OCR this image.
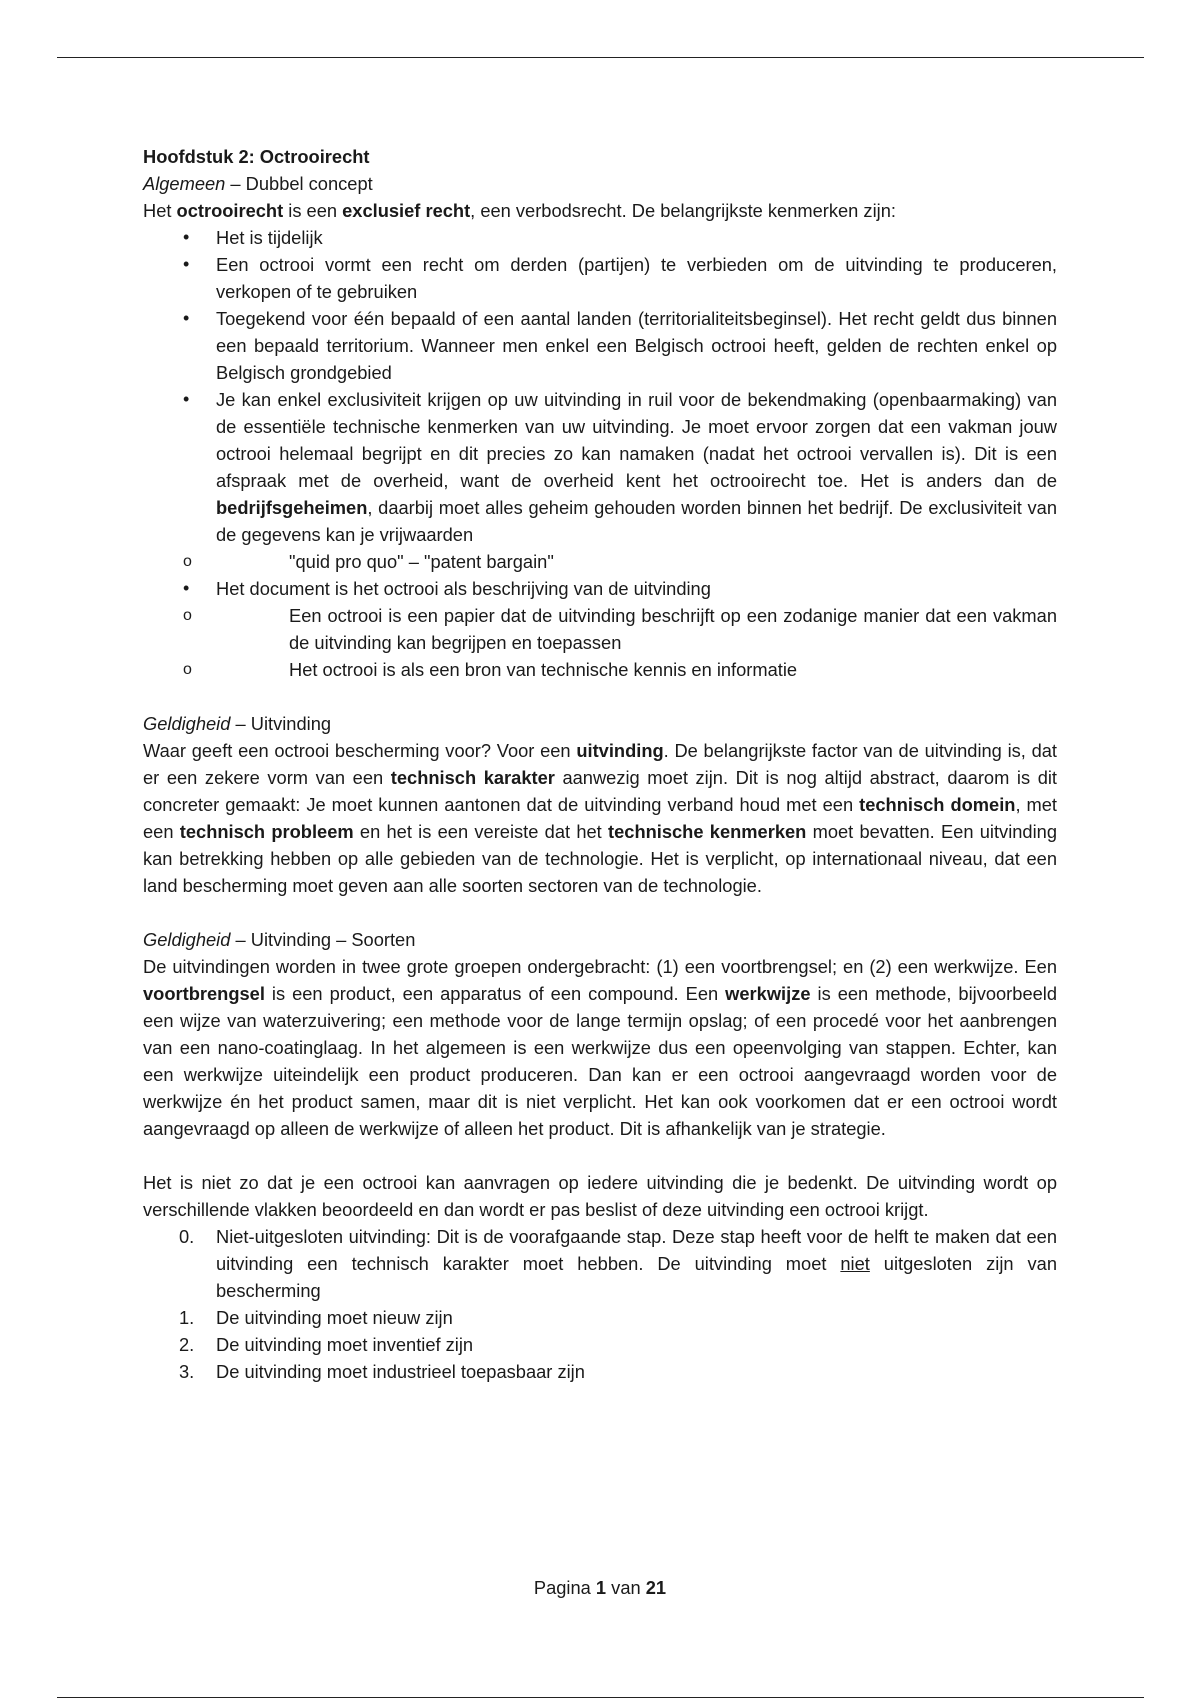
Hoofdstuk 2: Octrooirecht

Algemeen – Dubbel concept

Het octrooirecht is een exclusief recht, een verbodsrecht. De belangrijkste kenmerken zijn:

• Het is tijdelijk
• Een octrooi vormt een recht om derden (partijen) te verbieden om de uitvinding te produceren, verkopen of te gebruiken
• Toegekend voor één bepaald of een aantal landen (territorialiteitsbeginsel). Het recht geldt dus binnen een bepaald territorium. Wanneer men enkel een Belgisch octrooi heeft, gelden de rechten enkel op Belgisch grondgebied
• Je kan enkel exclusiviteit krijgen op uw uitvinding in ruil voor de bekendmaking (openbaarmaking) van de essentiële technische kenmerken van uw uitvinding. Je moet ervoor zorgen dat een vakman jouw octrooi helemaal begrijpt en dit precies zo kan namaken (nadat het octrooi vervallen is). Dit is een afspraak met de overheid, want de overheid kent het octrooirecht toe. Het is anders dan de bedrijfsgeheimen, daarbij moet alles geheim gehouden worden binnen het bedrijf. De exclusiviteit van de gegevens kan je vrijwaarden
o "quid pro quo" – "patent bargain"
• Het document is het octrooi als beschrijving van de uitvinding
o Een octrooi is een papier dat de uitvinding beschrijft op een zodanige manier dat een vakman de uitvinding kan begrijpen en toepassen
o Het octrooi is als een bron van technische kennis en informatie

Geldigheid – Uitvinding

Waar geeft een octrooi bescherming voor? Voor een uitvinding. De belangrijkste factor van de uitvinding is, dat er een zekere vorm van een technisch karakter aanwezig moet zijn. Dit is nog altijd abstract, daarom is dit concreter gemaakt: Je moet kunnen aantonen dat de uitvinding verband houd met een technisch domein, met een technisch probleem en het is een vereiste dat het technische kenmerken moet bevatten. Een uitvinding kan betrekking hebben op alle gebieden van de technologie. Het is verplicht, op internationaal niveau, dat een land bescherming moet geven aan alle soorten sectoren van de technologie.

Geldigheid – Uitvinding – Soorten

De uitvindingen worden in twee grote groepen ondergebracht: (1) een voortbrengsel; en (2) een werkwijze. Een voortbrengsel is een product, een apparatus of een compound. Een werkwijze is een methode, bijvoorbeeld een wijze van waterzuivering; een methode voor de lange termijn opslag; of een procedé voor het aanbrengen van een nano-coatinglaag. In het algemeen is een werkwijze dus een opeenvolging van stappen. Echter, kan een werkwijze uiteindelijk een product produceren. Dan kan er een octrooi aangevraagd worden voor de werkwijze én het product samen, maar dit is niet verplicht. Het kan ook voorkomen dat er een octrooi wordt aangevraagd op alleen de werkwijze of alleen het product. Dit is afhankelijk van je strategie.

Het is niet zo dat je een octrooi kan aanvragen op iedere uitvinding die je bedenkt. De uitvinding wordt op verschillende vlakken beoordeeld en dan wordt er pas beslist of deze uitvinding een octrooi krijgt.

0. Niet-uitgesloten uitvinding: Dit is de voorafgaande stap. Deze stap heeft voor de helft te maken dat een uitvinding een technisch karakter moet hebben. De uitvinding moet niet uitgesloten zijn van bescherming
1. De uitvinding moet nieuw zijn
2. De uitvinding moet inventief zijn
3. De uitvinding moet industrieel toepasbaar zijn
Pagina 1 van 21
